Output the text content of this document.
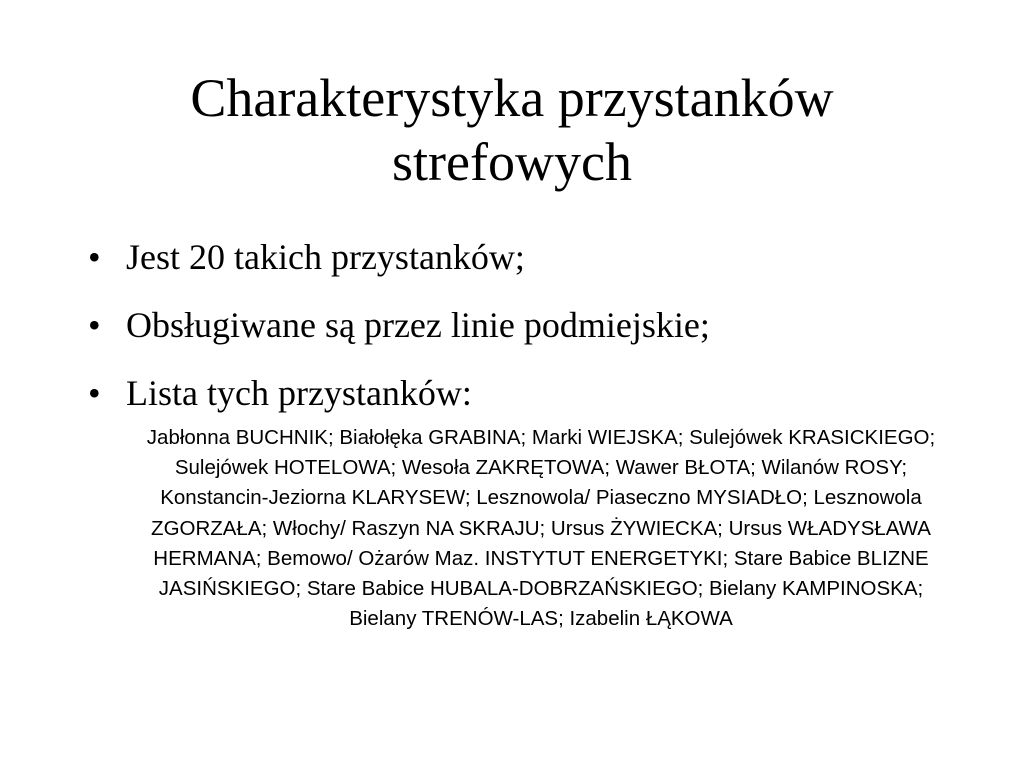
Charakterystyka przystanków
strefowych
• Jest 20 takich przystanków;
• Obsługiwane są przez linie podmiejskie;
• Lista tych przystanków:

Jabłonna BUCHNIK; Białołęka GRABINA; Marki WIEJSKA; Sulejówek KRASICKIEGO; Sulejówek HOTELOWA; Wesoła ZAKRĘTOWA; Wawer BŁOTA; Wilanów ROSY; Konstancin-Jeziorna KLARYSEW; Lesznowola/ Piaseczno MYSIADŁO; Lesznowola ZGORZAŁA; Włochy/ Raszyn NA SKRAJU; Ursus ŻYWIECKA; Ursus WŁADYSŁAWA HERMANA; Bemowo/ Ożarów Maz. INSTYTUT ENERGETYKI; Stare Babice BLIZNE JASIŃSKIEGO; Stare Babice HUBALA-DOBRZAŃSKIEGO; Bielany KAMPINOSKA; Bielany TRENÓW-LAS; Izabelin ŁĄKOWA
